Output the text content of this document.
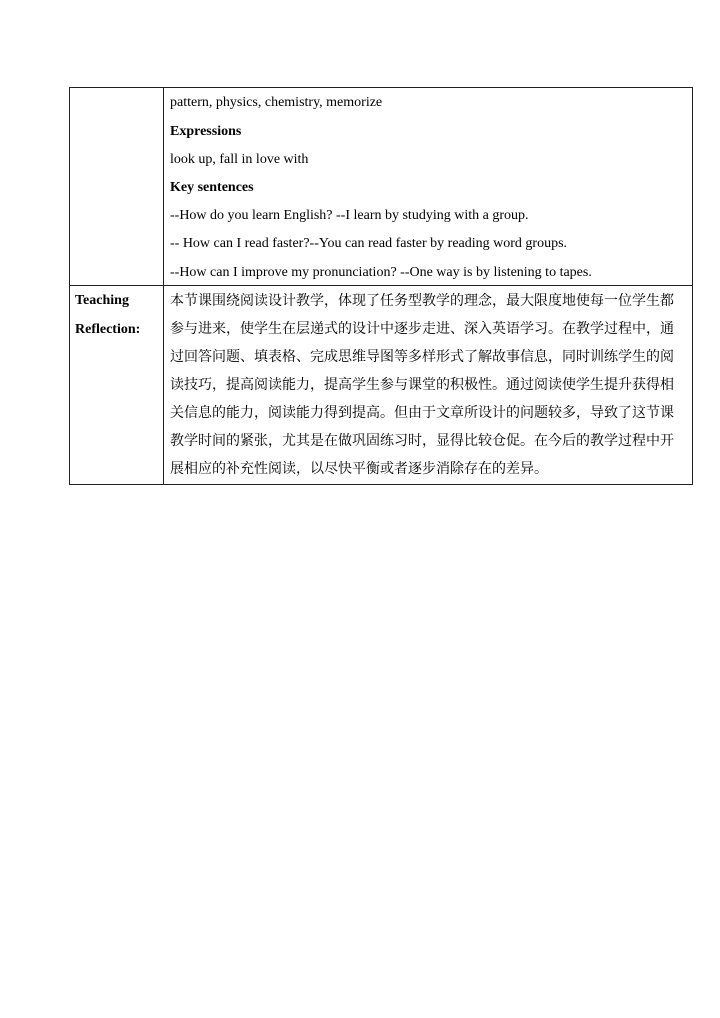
pattern, physics, chemistry, memorize
Expressions
look up, fall in love with
Key sentences
--How do you learn English? --I learn by studying with a group.
-- How can I read faster?--You can read faster by reading word groups.
--How can I improve my pronunciation? --One way is by listening to tapes.
Teaching
Reflection:
本节课围绕阅读设计教学，体现了任务型教学的理念，最大限度地使每一位学生都
参与进来，使学生在层递式的设计中逐步走进、深入英语学习。在教学过程中，通
过回答问题、填表格、完成思维导图等多样形式了解故事信息，同时训练学生的阅
读技巧，提高阅读能力，提高学生参与课堂的积极性。通过阅读使学生提升获得相
关信息的能力，阅读能力得到提高。但由于文章所设计的问题较多，导致了这节课
教学时间的紧张，尤其是在做巩固练习时，显得比较仓促。在今后的教学过程中开
展相应的补充性阅读，以尽快平衡或者逐步消除存在的差异。
